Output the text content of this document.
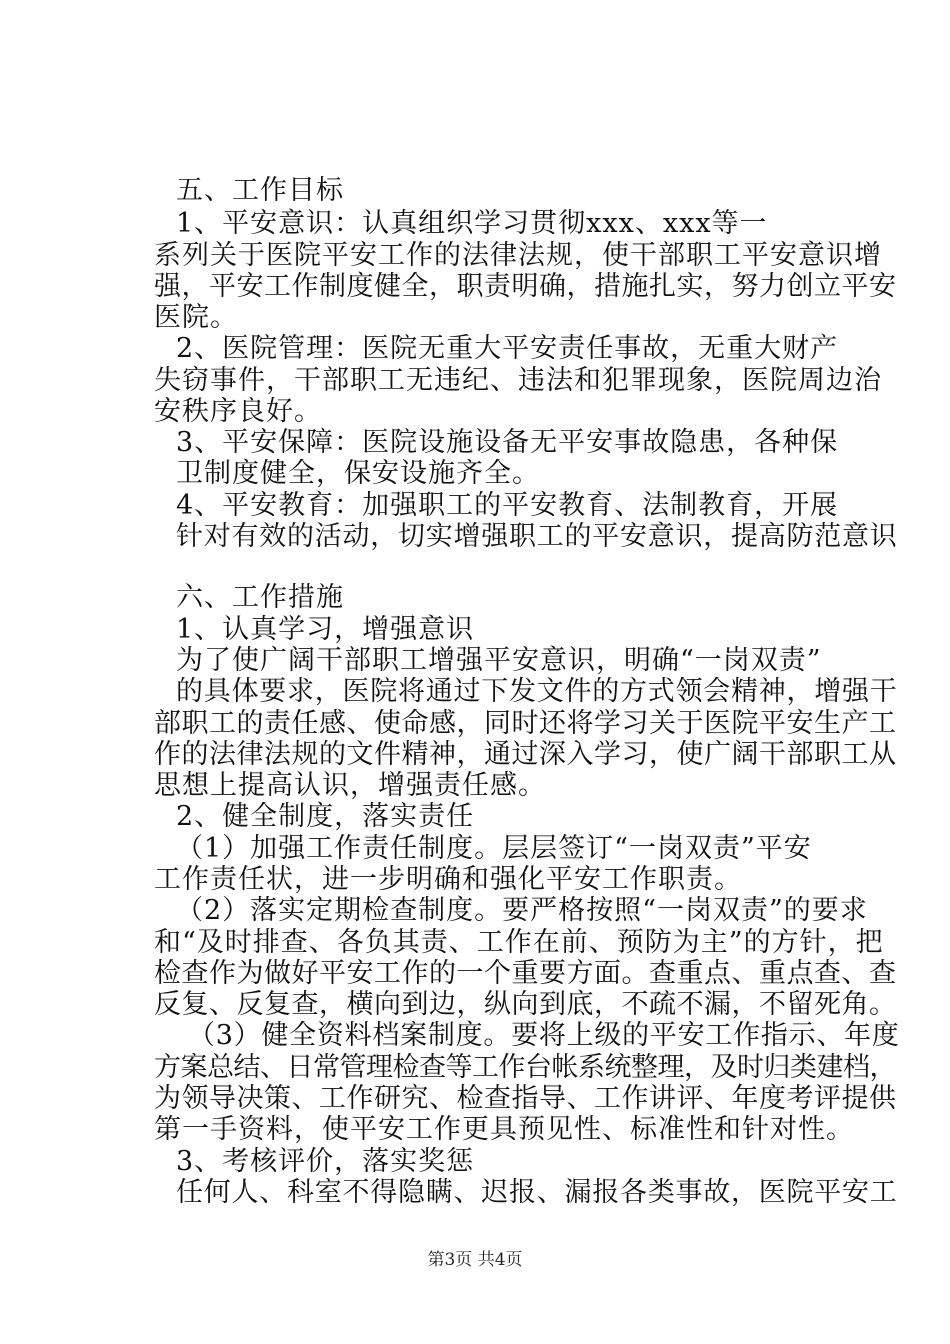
五、工作目标
1、平安意识：认真组织学习贯彻xxx、xxx等一
系列关于医院平安工作的法律法规，使干部职工平安意识增
强，平安工作制度健全，职责明确，措施扎实，努力创立平安
医院。
2、医院管理：医院无重大平安责任事故，无重大财产
失窃事件，干部职工无违纪、违法和犯罪现象，医院周边治
安秩序良好。
3、平安保障：医院设施设备无平安事故隐患，各种保
卫制度健全，保安设施齐全。
4、平安教育：加强职工的平安教育、法制教育，开展
针对有效的活动，切实增强职工的平安意识，提高防范意识
六、工作措施
1、认真学习，增强意识
为了使广阔干部职工增强平安意识，明确“一岗双责”
的具体要求，医院将通过下发文件的方式领会精神，增强干
部职工的责任感、使命感，同时还将学习关于医院平安生产工
作的法律法规的文件精神，通过深入学习，使广阔干部职工从
思想上提高认识，增强责任感。
2、健全制度，落实责任
（1）加强工作责任制度。层层签订“一岗双责”平安
工作责任状，进一步明确和强化平安工作职责。
（2）落实定期检查制度。要严格按照“一岗双责”的要求
和“及时排查、各负其责、工作在前、预防为主”的方针，把
检查作为做好平安工作的一个重要方面。查重点、重点查、查
反复、反复查，横向到边，纵向到底，不疏不漏，不留死角。
（3）健全资料档案制度。要将上级的平安工作指示、年度
方案总结、日常管理检查等工作台帐系统整理，及时归类建档，
为领导决策、工作研究、检查指导、工作讲评、年度考评提供
第一手资料，使平安工作更具预见性、标准性和针对性。
3、考核评价，落实奖惩
任何人、科室不得隐瞒、迟报、漏报各类事故，医院平安工
第3页 共4页
